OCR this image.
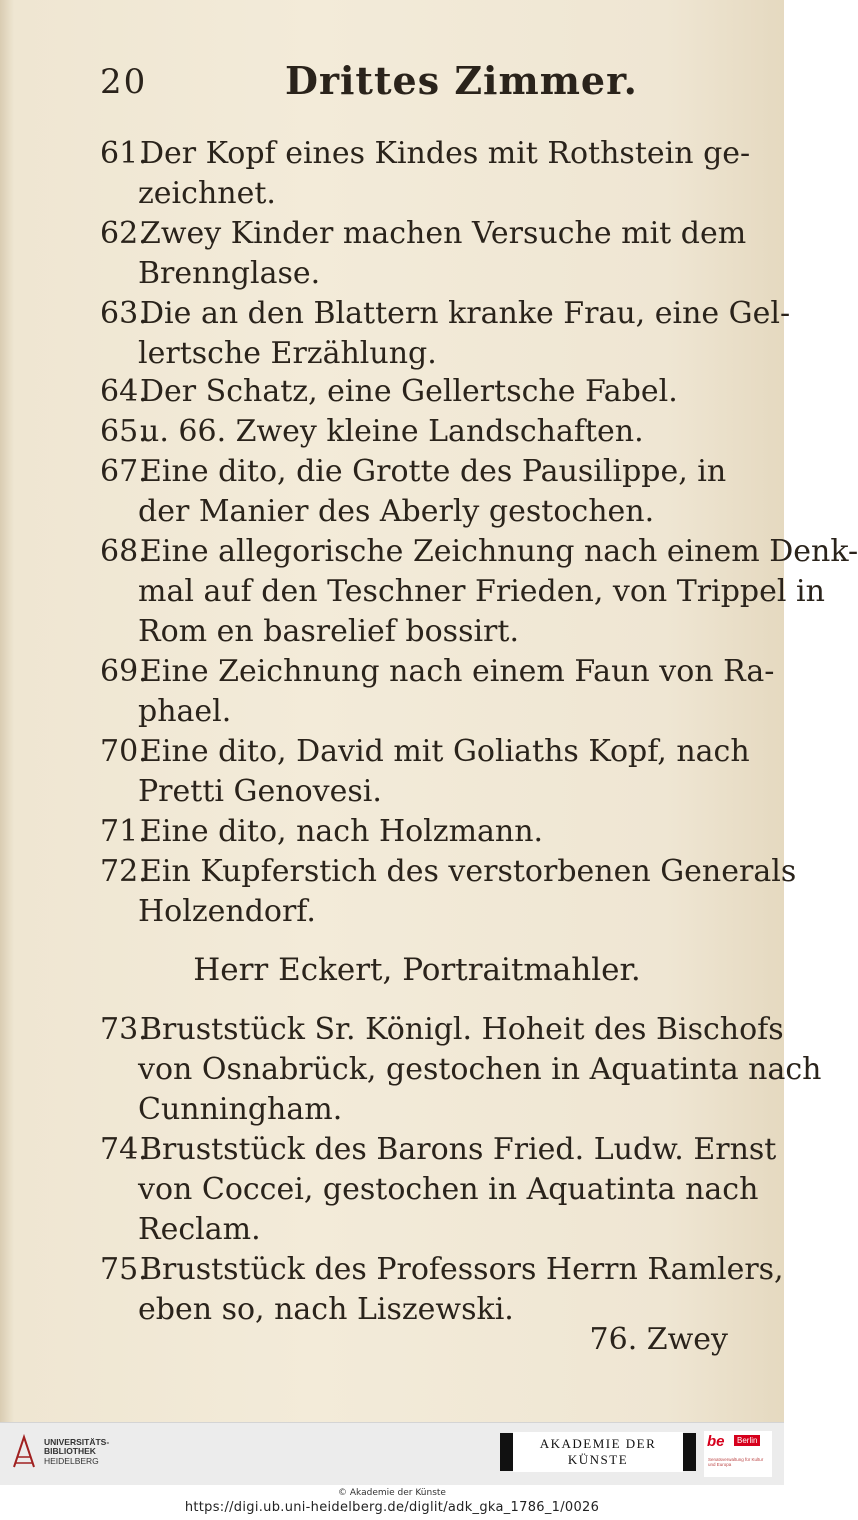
20	Drittes Zimmer.
61.Der Kopf eines Kindes mit Rothstein ge-
zeichnet.
62.Zwey Kinder machen Versuche mit dem
Brennglase.
63.Die an den Blattern kranke Frau, eine Gel-
lertsche Erzählung.
64.Der Schatz, eine Gellertsche Fabel.
65.u. 66. Zwey kleine Landschaften.
67.Eine dito, die Grotte des Pausilippe, in
der Manier des Aberly gestochen.
68.Eine allegorische Zeichnung nach einem Denk-
mal auf den Teschner Frieden, von Trippel in
Rom en basrelief bossirt.
69.Eine Zeichnung nach einem Faun von Ra-
phael.
70.Eine dito, David mit Goliaths Kopf, nach
Pretti Genovesi.
71.Eine dito, nach Holzmann.
72.Ein Kupferstich des verstorbenen Generals
Holzendorf.
73.Bruststück Sr. Königl. Hoheit des Bischofs
von Osnabrück, gestochen in Aquatinta nach
Cunningham.
74.Bruststück des Barons Fried. Ludw. Ernst
von Coccei, gestochen in Aquatinta nach
Reclam.
75.Bruststück des Professors Herrn Ramlers,
eben so, nach Liszewski.
Herr Eckert, Portraitmahler.
76. Zwey
UNIVERSITÄTS-
BIBLIOTHEK
HEIDELBERG
AKADEMIE DER KÜNSTE
be	Berlin
Senatsverwaltung für Kultur und Europa
© Akademie der Künste
https://digi.ub.uni-heidelberg.de/diglit/adk_gka_1786_1/0026
